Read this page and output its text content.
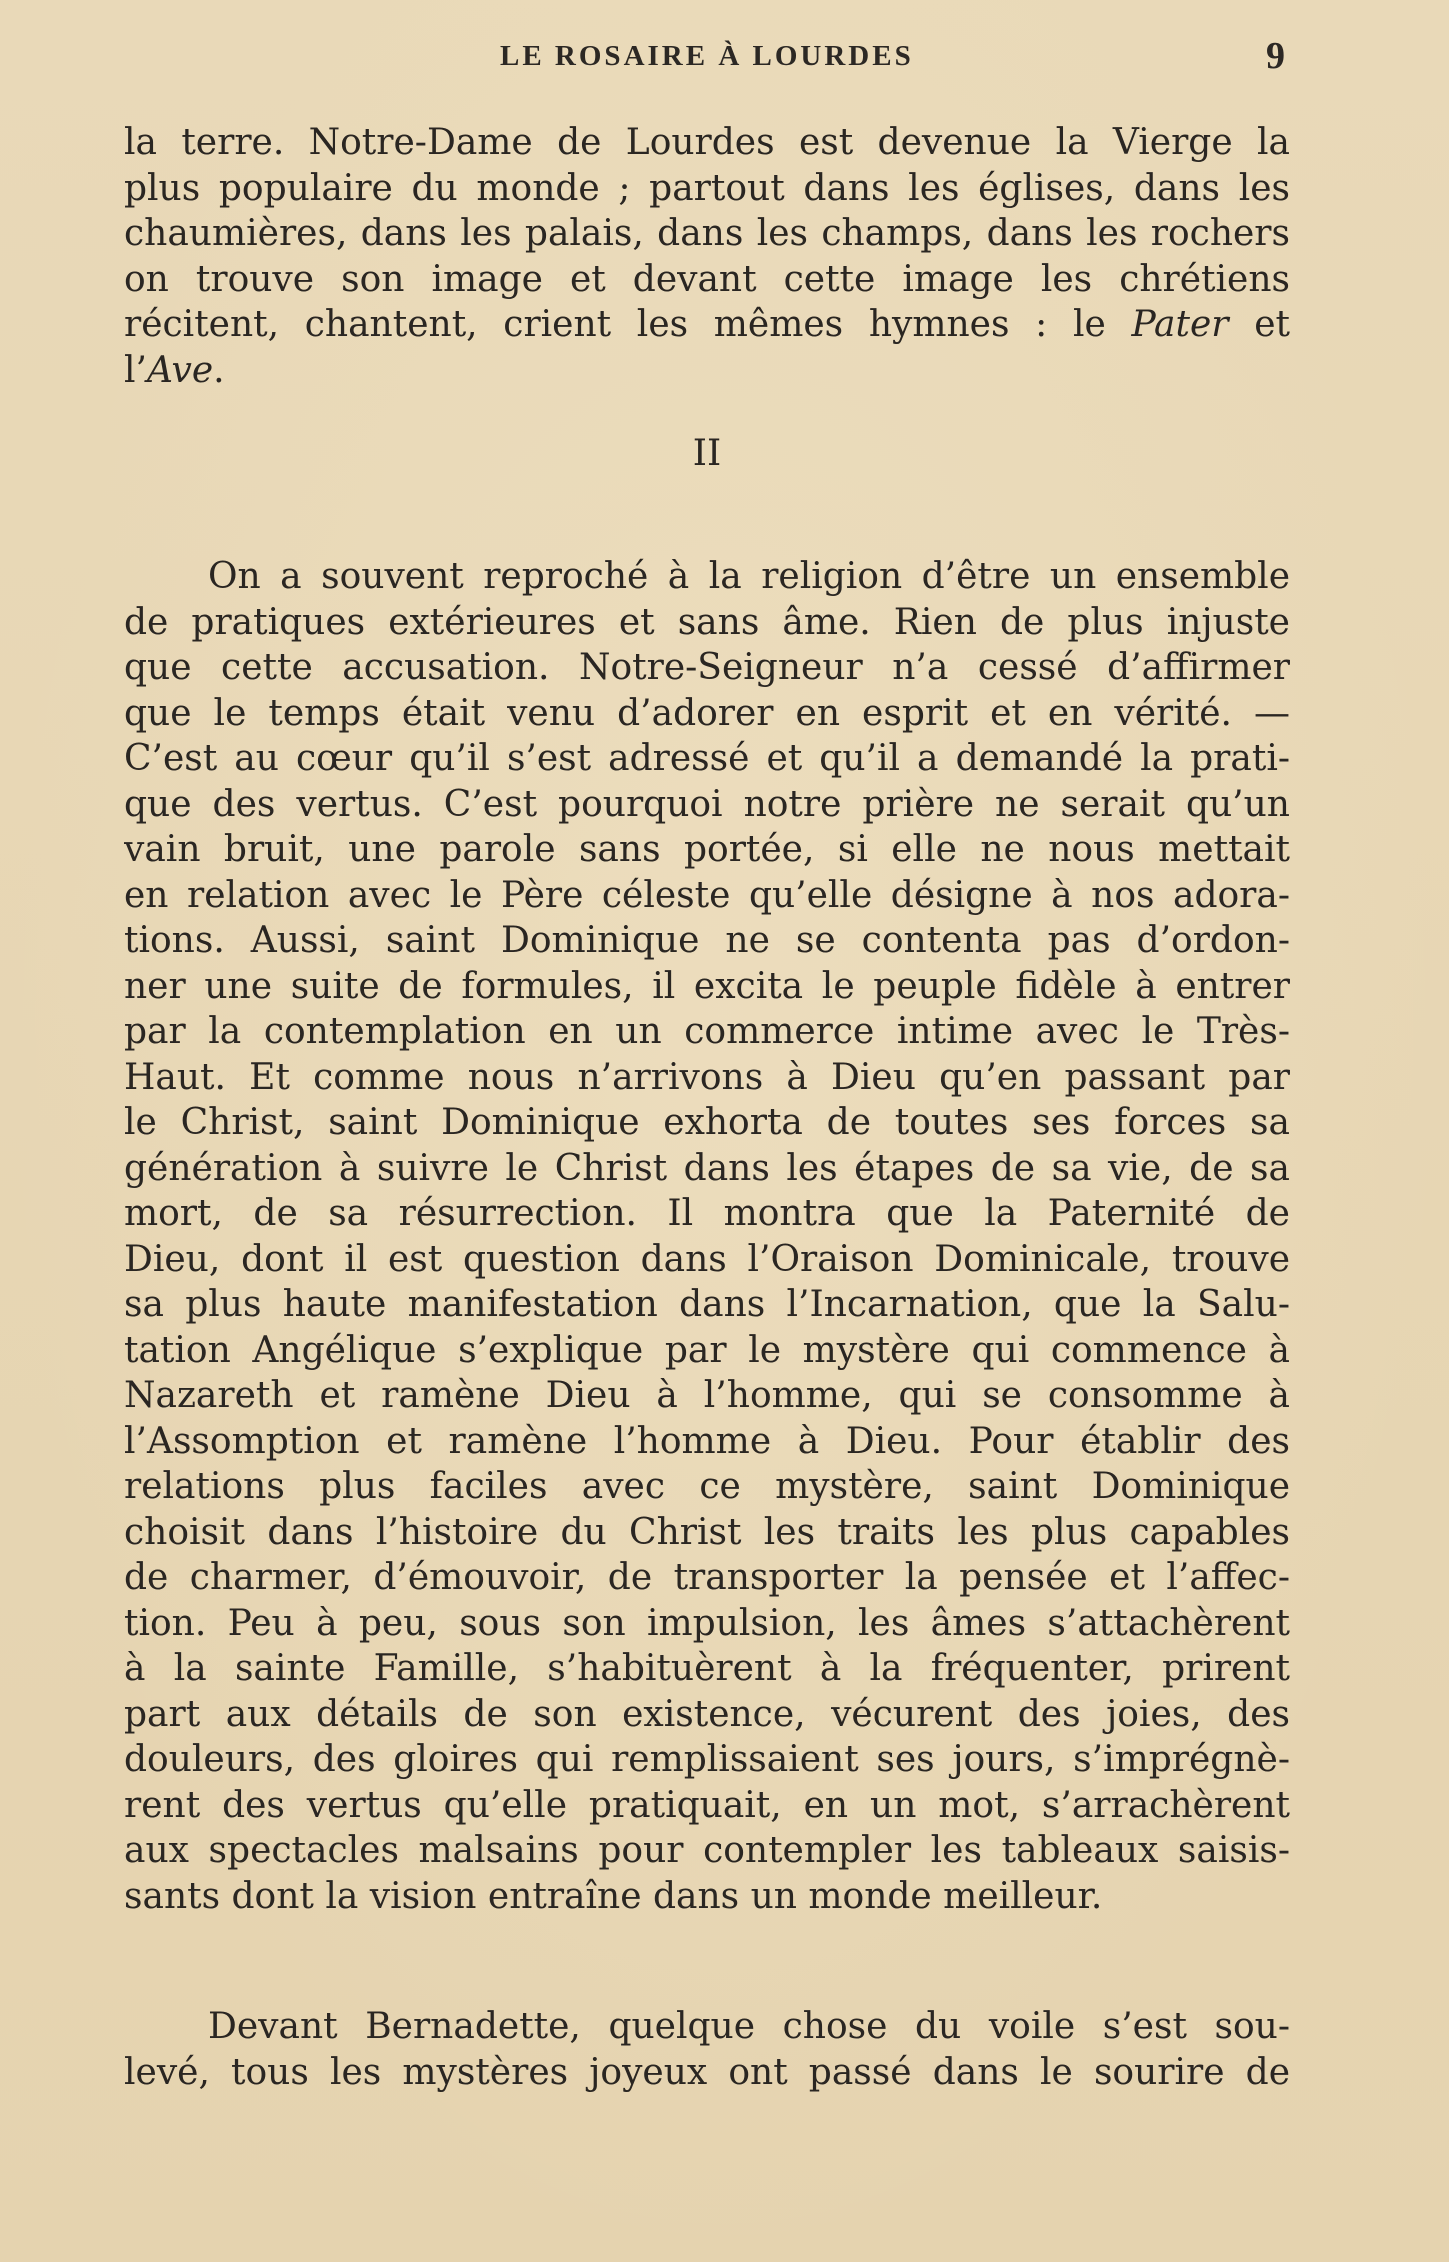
LE ROSAIRE À LOURDES	9
la terre. Notre-Dame de Lourdes est devenue la Vierge la
plus populaire du monde ; partout dans les églises, dans les
chaumières, dans les palais, dans les champs, dans les rochers
on trouve son image et devant cette image les chrétiens
récitent, chantent, crient les mêmes hymnes : le Pater et
l’Ave.
II
On a souvent reproché à la religion d’être un ensemble
de pratiques extérieures et sans âme. Rien de plus injuste
que cette accusation. Notre-Seigneur n’a cessé d’affirmer
que le temps était venu d’adorer en esprit et en vérité. —
C’est au cœur qu’il s’est adressé et qu’il a demandé la prati-
que des vertus. C’est pourquoi notre prière ne serait qu’un
vain bruit, une parole sans portée, si elle ne nous mettait
en relation avec le Père céleste qu’elle désigne à nos adora-
tions. Aussi, saint Dominique ne se contenta pas d’ordon-
ner une suite de formules, il excita le peuple fidèle à entrer
par la contemplation en un commerce intime avec le Très-
Haut. Et comme nous n’arrivons à Dieu qu’en passant par
le Christ, saint Dominique exhorta de toutes ses forces sa
génération à suivre le Christ dans les étapes de sa vie, de sa
mort, de sa résurrection. Il montra que la Paternité de
Dieu, dont il est question dans l’Oraison Dominicale, trouve
sa plus haute manifestation dans l’Incarnation, que la Salu-
tation Angélique s’explique par le mystère qui commence à
Nazareth et ramène Dieu à l’homme, qui se consomme à
l’Assomption et ramène l’homme à Dieu. Pour établir des
relations plus faciles avec ce mystère, saint Dominique
choisit dans l’histoire du Christ les traits les plus capables
de charmer, d’émouvoir, de transporter la pensée et l’affec-
tion. Peu à peu, sous son impulsion, les âmes s’attachèrent
à la sainte Famille, s’habituèrent à la fréquenter, prirent
part aux détails de son existence, vécurent des joies, des
douleurs, des gloires qui remplissaient ses jours, s’imprégnè-
rent des vertus qu’elle pratiquait, en un mot, s’arrachèrent
aux spectacles malsains pour contempler les tableaux saisis-
sants dont la vision entraîne dans un monde meilleur.
Devant Bernadette, quelque chose du voile s’est sou-
levé, tous les mystères joyeux ont passé dans le sourire de
